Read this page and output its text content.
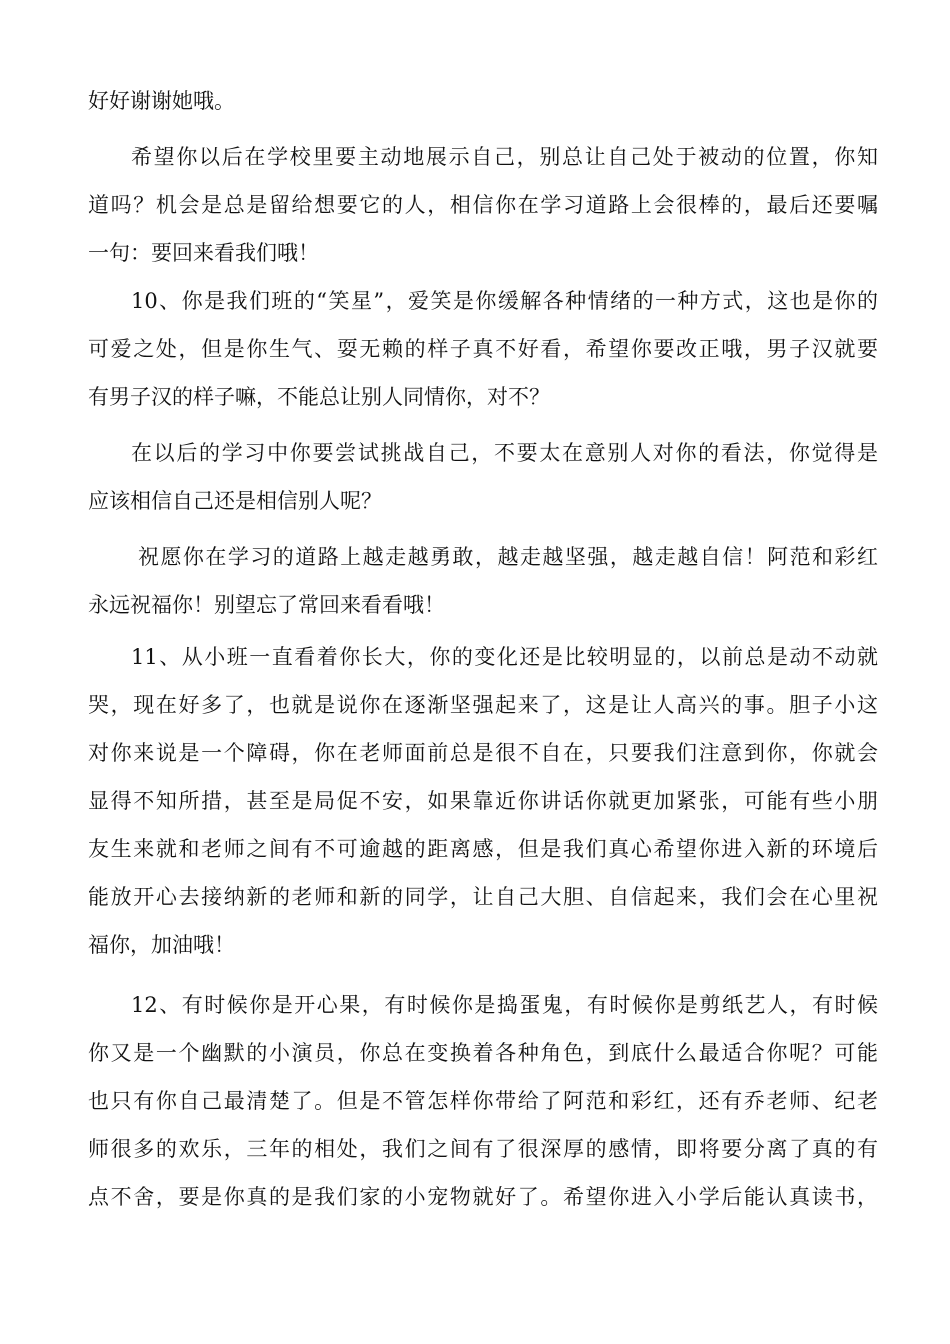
好好谢谢她哦。
希望你以后在学校里要主动地展示自己，别总让自己处于被动的位置，你知
道吗？机会是总是留给想要它的人，相信你在学习道路上会很棒的，最后还要嘱
一句：要回来看我们哦！
10、你是我们班的“笑星”，爱笑是你缓解各种情绪的一种方式，这也是你的
可爱之处，但是你生气、耍无赖的样子真不好看，希望你要改正哦，男子汉就要
有男子汉的样子嘛，不能总让别人同情你，对不？
在以后的学习中你要尝试挑战自己，不要太在意别人对你的看法，你觉得是
应该相信自己还是相信别人呢？
祝愿你在学习的道路上越走越勇敢，越走越坚强，越走越自信！阿范和彩红
永远祝福你！别望忘了常回来看看哦！
11、从小班一直看着你长大，你的变化还是比较明显的，以前总是动不动就
哭，现在好多了，也就是说你在逐渐坚强起来了，这是让人高兴的事。胆子小这
对你来说是一个障碍，你在老师面前总是很不自在，只要我们注意到你，你就会
显得不知所措，甚至是局促不安，如果靠近你讲话你就更加紧张，可能有些小朋
友生来就和老师之间有不可逾越的距离感，但是我们真心希望你进入新的环境后
能放开心去接纳新的老师和新的同学，让自己大胆、自信起来，我们会在心里祝
福你，加油哦！
12、有时候你是开心果，有时候你是捣蛋鬼，有时候你是剪纸艺人，有时候
你又是一个幽默的小演员，你总在变换着各种角色，到底什么最适合你呢？可能
也只有你自己最清楚了。但是不管怎样你带给了阿范和彩红，还有乔老师、纪老
师很多的欢乐，三年的相处，我们之间有了很深厚的感情，即将要分离了真的有
点不舍，要是你真的是我们家的小宠物就好了。希望你进入小学后能认真读书，
